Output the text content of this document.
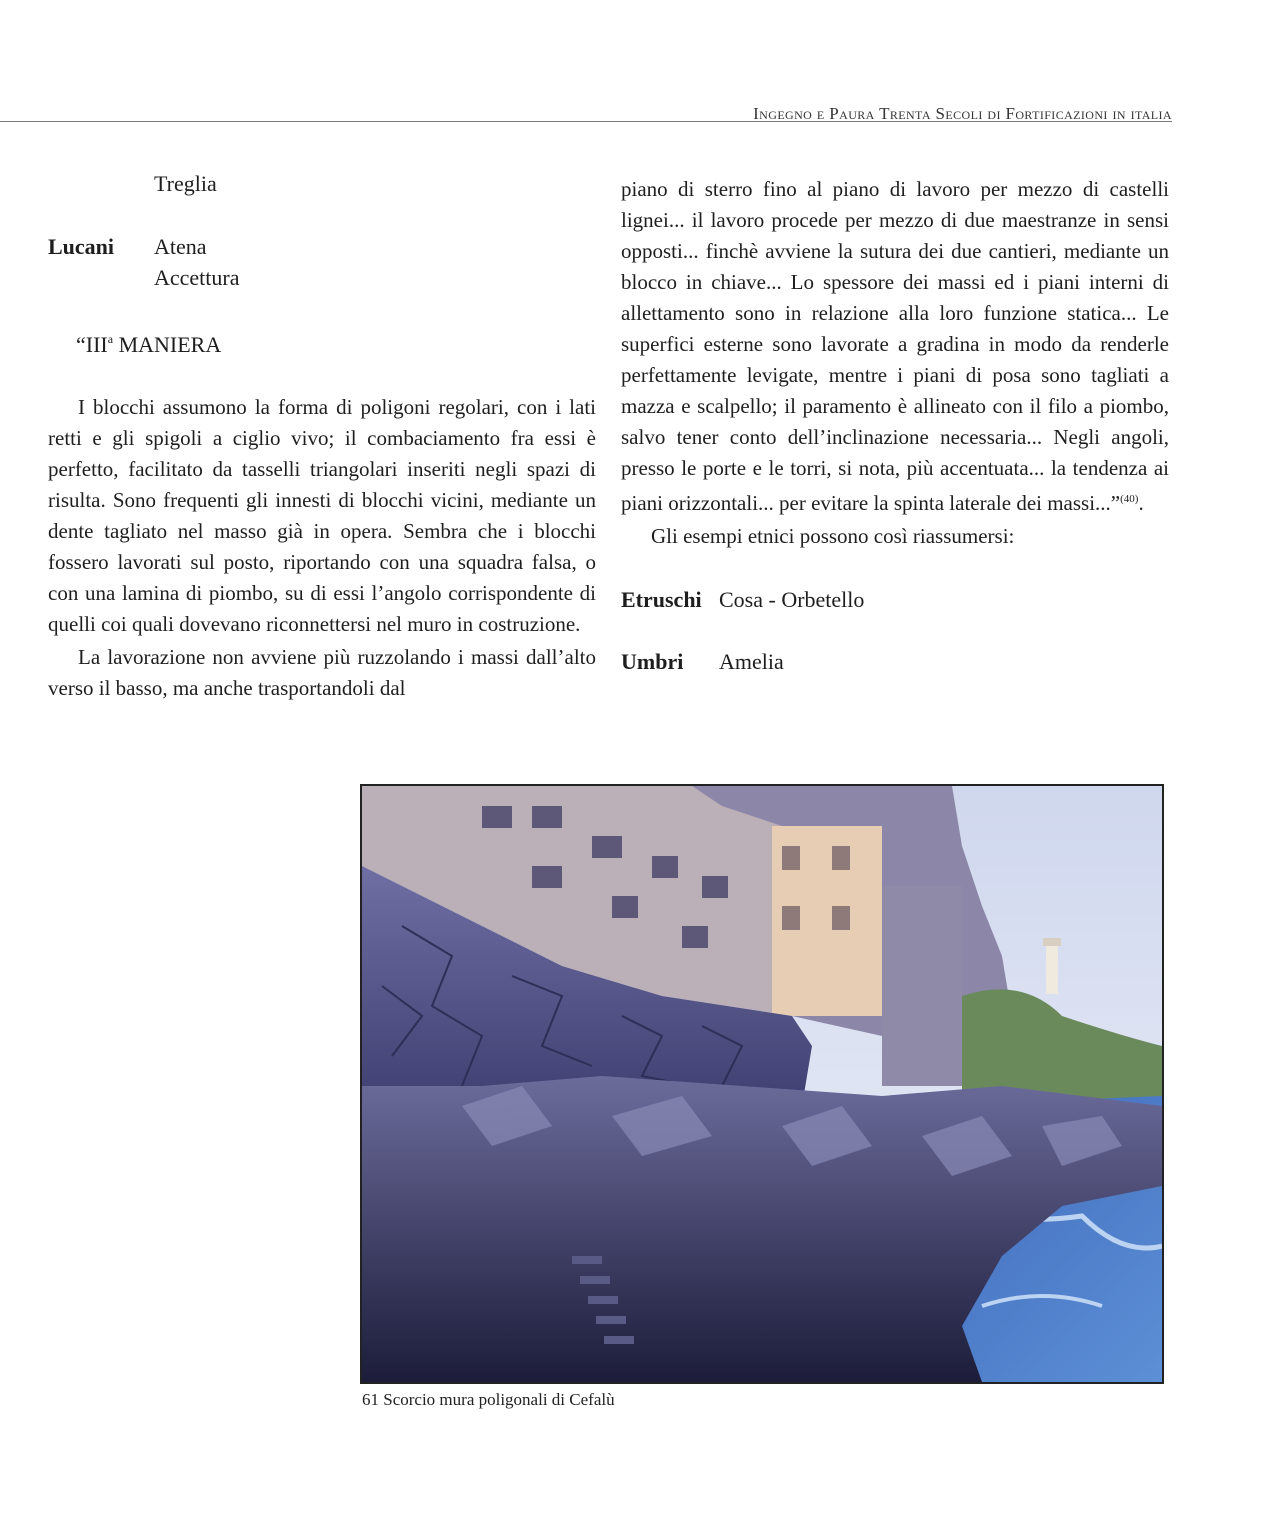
Ingegno e Paura Trenta Secoli di Fortificazioni in italia
Treglia
Lucani	Atena
Accettura
“III$^a$ MANIERA

I blocchi assumono la forma di poligoni regolari, con i lati retti e gli spigoli a ciglio vivo; il combaciamento fra essi è perfetto, facilitato da tasselli triangolari inseriti negli spazi di risulta. Sono frequenti gli innesti di blocchi vicini, mediante un dente tagliato nel masso già in opera. Sembra che i blocchi fossero lavorati sul posto, riportando con una squadra falsa, o con una lamina di piombo, su di essi l’angolo corrispondente di quelli coi quali dovevano riconnettersi nel muro in costruzione.

La lavorazione non avviene più ruzzolando i massi dall’alto verso il basso, ma anche trasportandoli dal

piano di sterro fino al piano di lavoro per mezzo di castelli lignei... il lavoro procede per mezzo di due maestranze in sensi opposti... finchè avviene la sutura dei due cantieri, mediante un blocco in chiave... Lo spessore dei massi ed i piani interni di allettamento sono in relazione alla loro funzione statica... Le superfici esterne sono lavorate a gradina in modo da renderle perfettamente levigate, mentre i piani di posa sono tagliati a mazza e scalpello; il paramento è allineato con il filo a piombo, salvo tener conto dell’inclinazione necessaria... Negli angoli, presso le porte e le torri, si nota, più accentuata... la tendenza ai piani orizzontali... per evitare la spinta laterale dei massi...”$^{(40)}$.

Gli esempi etnici possono così riassumersi:

Etruschi Cosa - Orbetello
Umbri	Amelia
61 Scorcio mura poligonali di Cefalù
